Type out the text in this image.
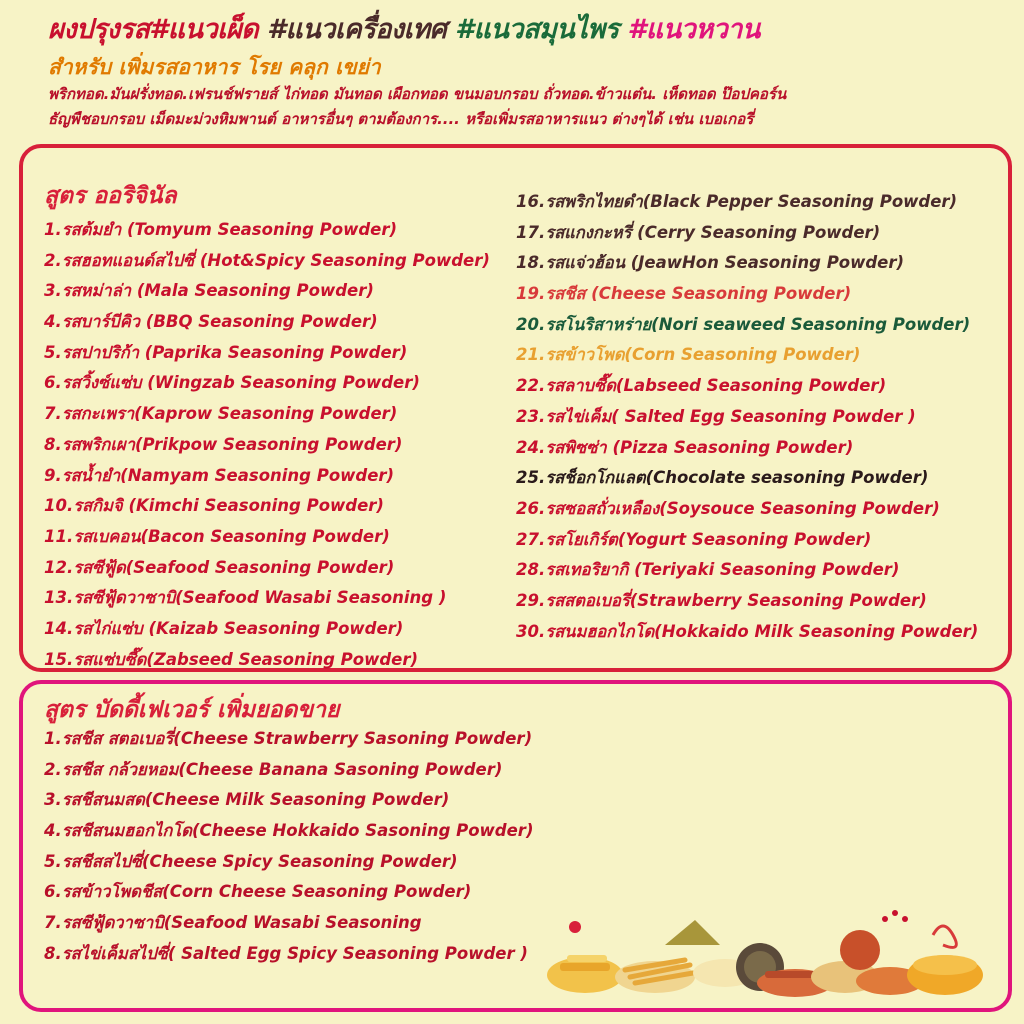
ผงปรุงรส#แนวเผ็ด #แนวเครื่องเทศ #แนวสมุนไพร #แนวหวาน
สำหรับ เพิ่มรสอาหาร โรย คลุก เขย่า
พริกทอด.มันฝรั่งทอด.เฟรนช์ฟรายส์ ไก่ทอด มันทอด เผือกทอด ขนมอบกรอบ ถั่วทอด.ข้าวแต๋น. เห็ดทอด ป๊อปคอร์น
ธัญพืชอบกรอบ เม็ดมะม่วงหิมพานต์ อาหารอื่นๆ ตามต้องการ.... หรือเพิ่มรสอาหารแนว ต่างๆได้ เช่น เบอเกอรี่
สูตร ออริจินัล
1.รสต้มยำ (Tomyum Seasoning Powder)
2.รสฮอทแอนด์สไปซี่ (Hot&Spicy Seasoning Powder)
3.รสหม่าล่า (Mala Seasoning Powder)
4.รสบาร์บีคิว (BBQ Seasoning Powder)
5.รสปาปริก้า (Paprika Seasoning Powder)
6.รสวิ้งซ์แซ่บ (Wingzab Seasoning Powder)
7.รสกะเพรา(Kaprow Seasoning Powder)
8.รสพริกเผา(Prikpow Seasoning Powder)
9.รสน้ำยำ(Namyam Seasoning Powder)
10.รสกิมจิ (Kimchi Seasoning Powder)
11.รสเบคอน(Bacon Seasoning Powder)
12.รสซีฟู้ด(Seafood Seasoning Powder)
13.รสซีฟู้ดวาซาบิ(Seafood Wasabi Seasoning )
14.รสไก่แซ่บ (Kaizab Seasoning Powder)
15.รสแซ่บซี๊ด(Zabseed Seasoning Powder)
16.รสพริกไทยดำ(Black Pepper Seasoning Powder)
17.รสแกงกะหรี่ (Cerry Seasoning Powder)
18.รสแจ่วฮ้อน (JeawHon Seasoning Powder)
19.รสชีส (Cheese Seasoning Powder)
20.รสโนริสาหร่าย(Nori seaweed Seasoning Powder)
21.รสข้าวโพด(Corn Seasoning Powder)
22.รสลาบซี๊ด(Labseed Seasoning Powder)
23.รสไข่เค็ม( Salted Egg Seasoning Powder )
24.รสพิซซ่า (Pizza Seasoning Powder)
25.รสช็อกโกแลต(Chocolate seasoning Powder)
26.รสซอสถั่วเหลือง(Soysouce Seasoning Powder)
27.รสโยเกิร์ต(Yogurt Seasoning Powder)
28.รสเทอริยากิ (Teriyaki Seasoning Powder)
29.รสสตอเบอรี่(Strawberry Seasoning Powder)
30.รสนมฮอกไกโด(Hokkaido Milk Seasoning Powder)
สูตร บัดดี้เฟเวอร์ เพิ่มยอดขาย
1.รสชีส สตอเบอรี่(Cheese Strawberry Sasoning Powder)
2.รสชีส กล้วยหอม(Cheese Banana Sasoning Powder)
3.รสชีสนมสด(Cheese Milk Seasoning Powder)
4.รสชีสนมฮอกไกโด(Cheese Hokkaido Sasoning Powder)
5.รสชีสสไปซี่(Cheese Spicy Seasoning Powder)
6.รสข้าวโพดชีส(Corn Cheese Seasoning Powder)
7.รสซีฟู้ดวาซาบิ(Seafood Wasabi Seasoning
8.รสไข่เค็มสไปซี่( Salted Egg Spicy Seasoning Powder )
